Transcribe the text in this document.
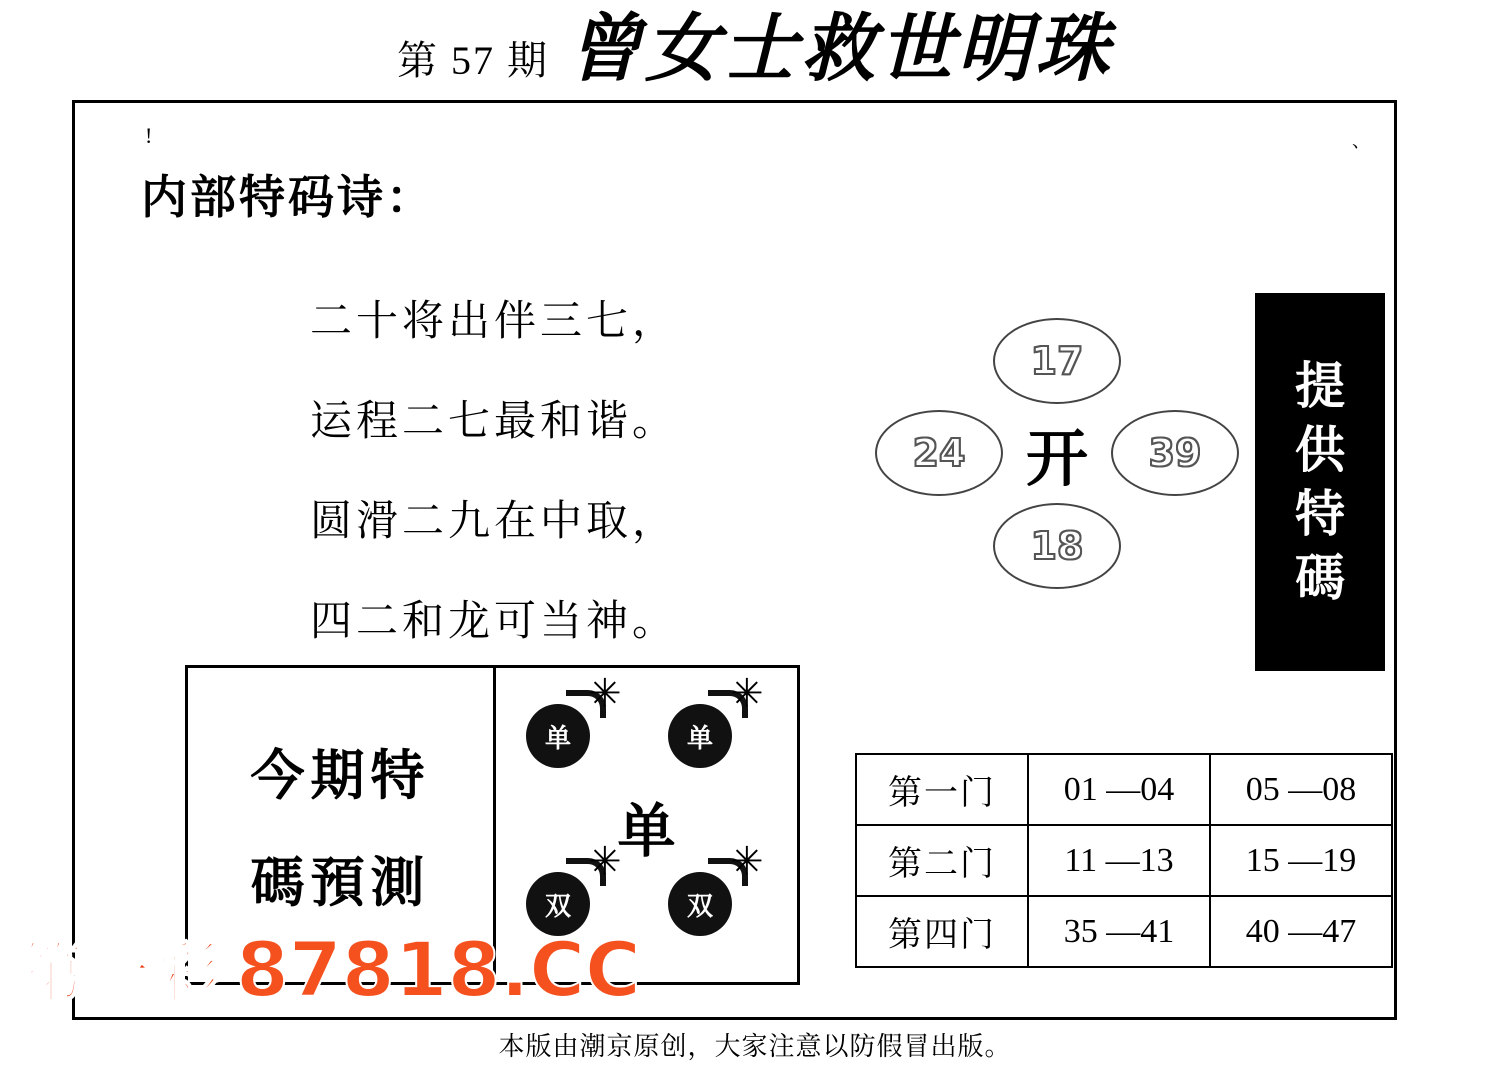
第 57 期 曾女士救世明珠
!	、
内部特码诗：
二十将出伴三七，
运程二七最和谐。
圆滑二九在中取，
四二和龙可当神。
17
24	39
18
开
提
供
特
碼
今期特
碼預測
✳
单
✳
单
单
✳
双
✳
双
第一门	01 —04	05 —08
第二门	11 —13	15 —19
第四门	35 —41	40 —47
第一彩 87818.CC
本版由潮京原创，大家注意以防假冒出版。
